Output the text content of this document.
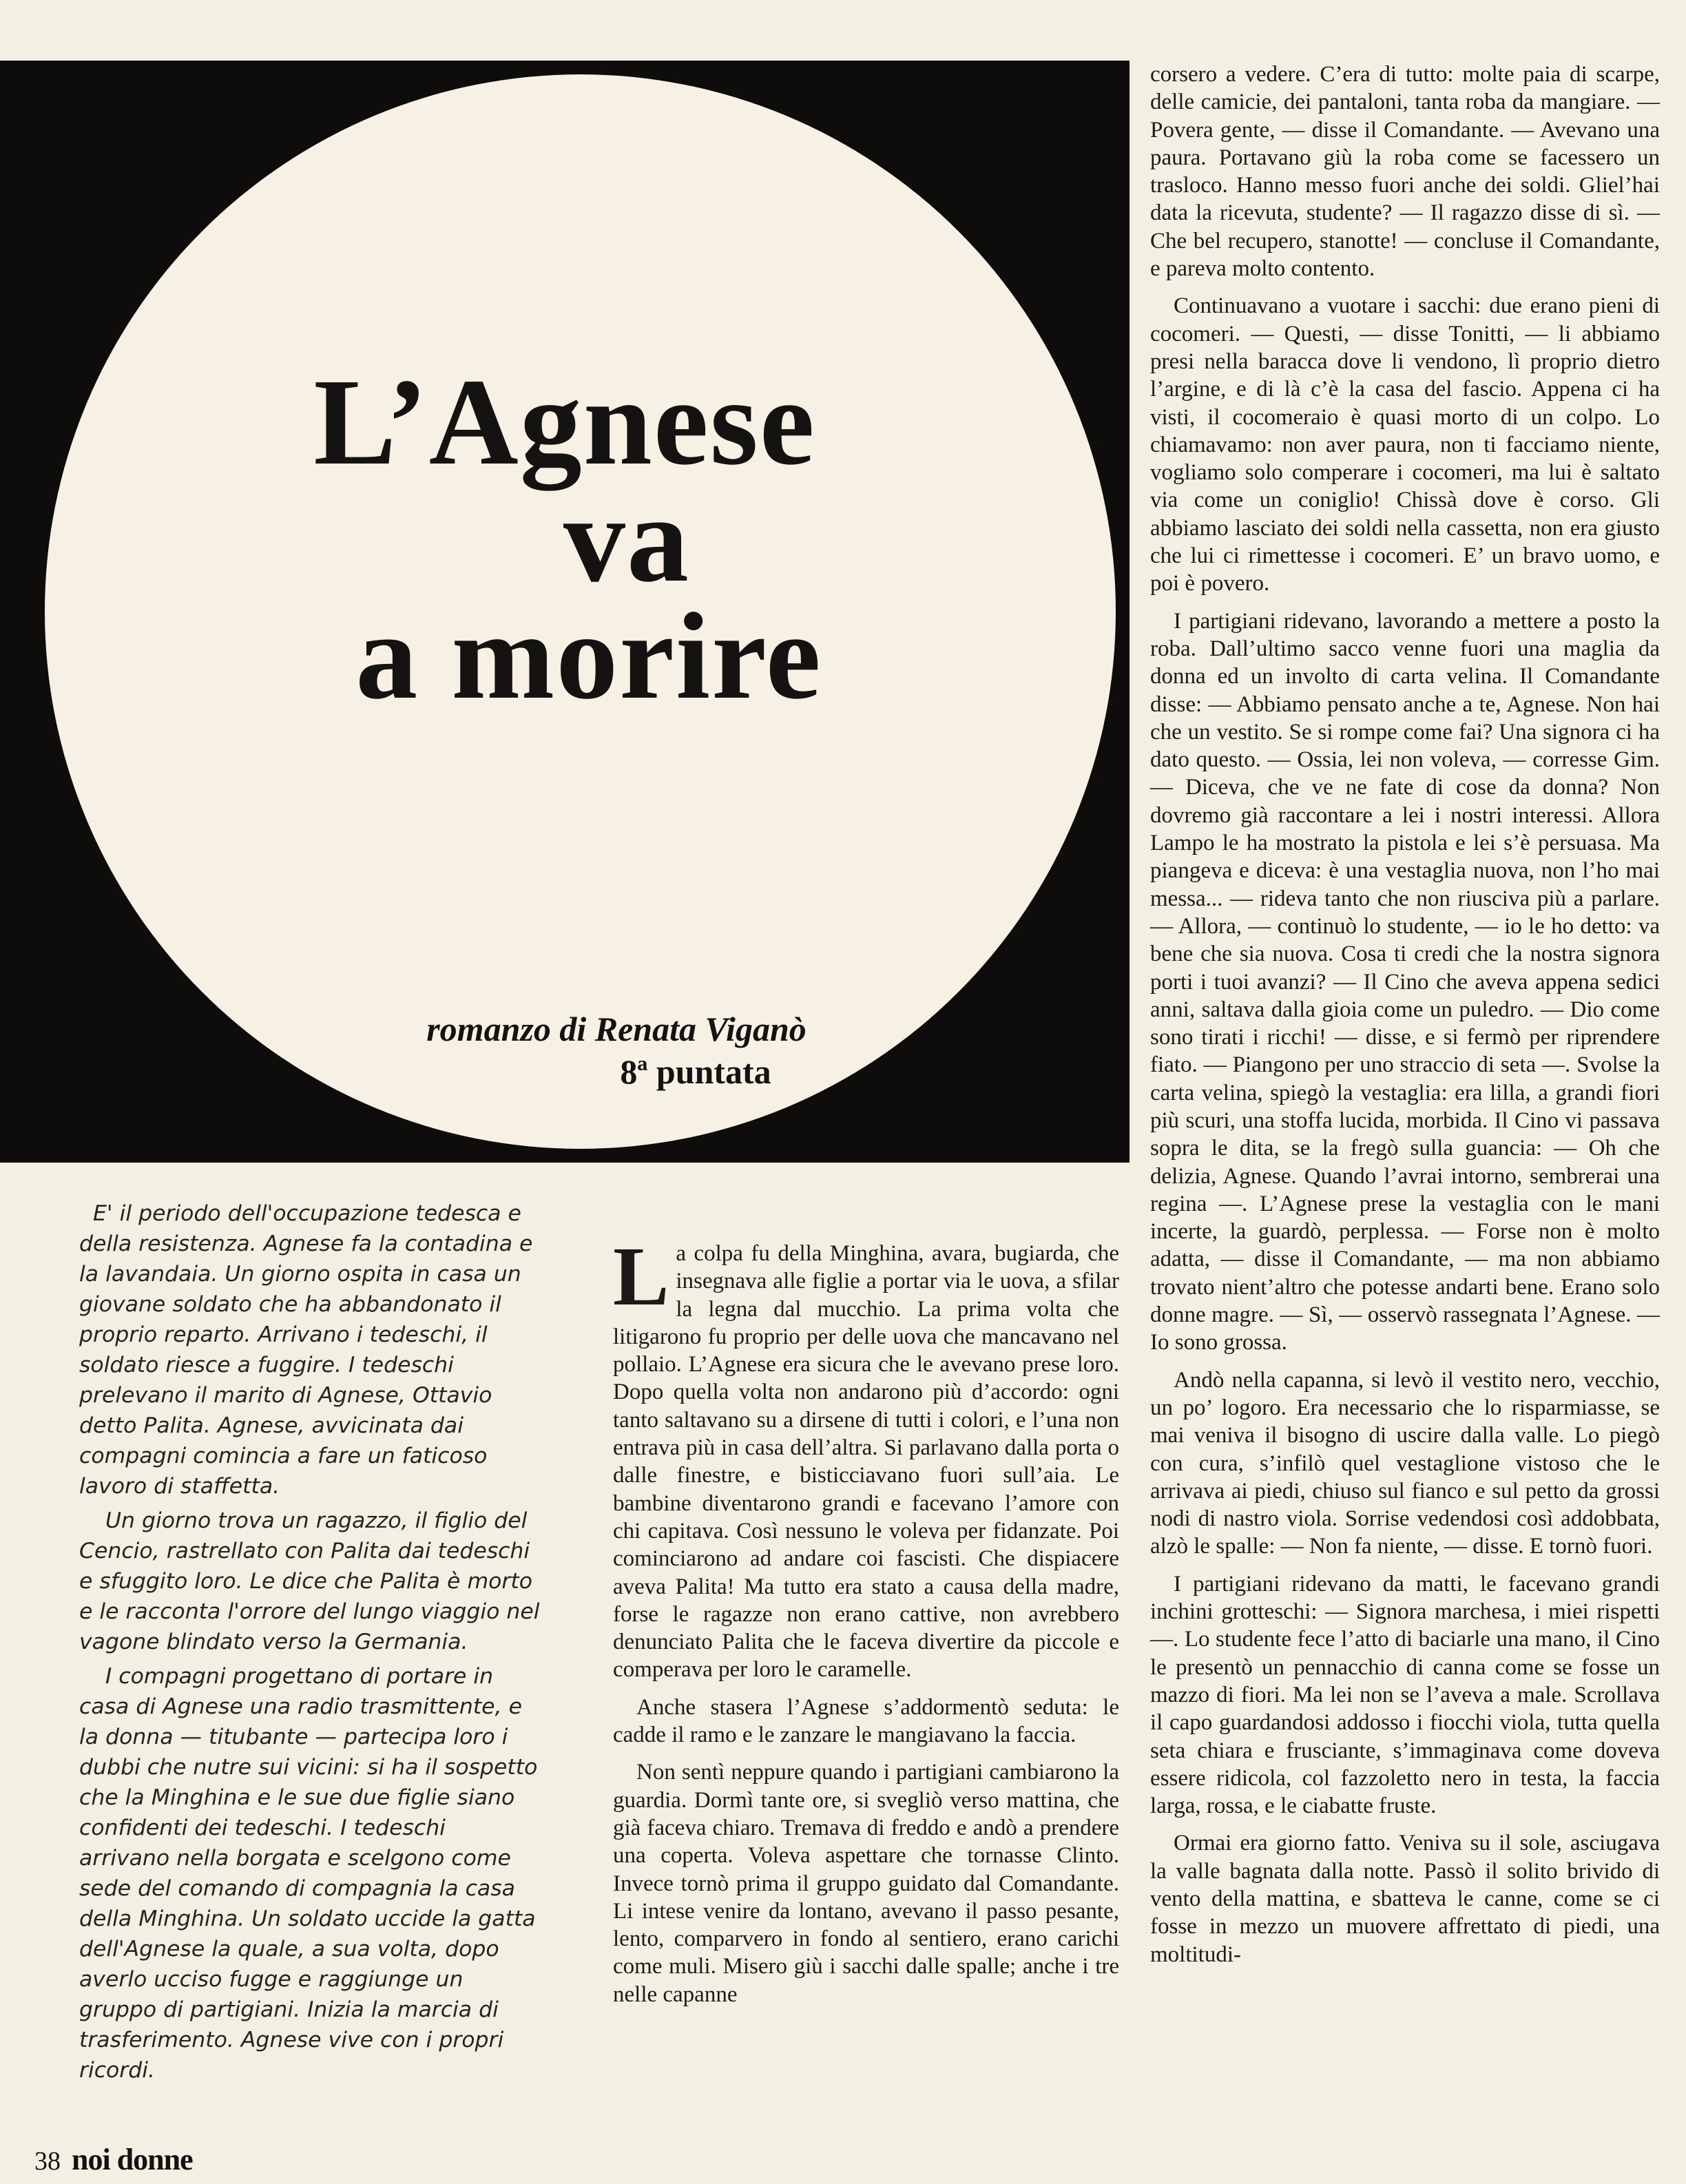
L’Agnese
va
a morire
romanzo di Renata Viganò
8ª puntata

E' il periodo dell'occupazione tedesca e della resistenza. Agnese fa la contadina e la lavandaia. Un giorno ospita in casa un giovane soldato che ha abbandonato il proprio reparto. Arrivano i tedeschi, il soldato riesce a fuggire. I tedeschi prelevano il marito di Agnese, Ottavio detto Palita. Agnese, avvicinata dai compagni comincia a fare un faticoso lavoro di staffetta.

Un giorno trova un ragazzo, il figlio del Cencio, rastrellato con Palita dai tedeschi e sfuggito loro. Le dice che Palita è morto e le racconta l'orrore del lungo viaggio nel vagone blindato verso la Germania.

I compagni progettano di portare in casa di Agnese una radio trasmittente, e la donna — titubante — partecipa loro i dubbi che nutre sui vicini: si ha il sospetto che la Minghina e le sue due figlie siano confidenti dei tedeschi. I tedeschi arrivano nella borgata e scelgono come sede del comando di compagnia la casa della Minghina. Un soldato uccide la gatta dell'Agnese la quale, a sua volta, dopo averlo ucciso fugge e raggiunge un gruppo di partigiani. Inizia la marcia di trasferimento. Agnese vive con i propri ricordi.

La colpa fu della Minghina, avara, bugiarda, che insegnava alle figlie a portar via le uova, a sfilar la legna dal mucchio. La prima volta che litigarono fu proprio per delle uova che mancavano nel pollaio. L’Agnese era sicura che le avevano prese loro. Dopo quella volta non andarono più d’accordo: ogni tanto saltavano su a dirsene di tutti i colori, e l’una non entrava più in casa dell’altra. Si parlavano dalla porta o dalle finestre, e bisticciavano fuori sull’aia. Le bambine diventarono grandi e facevano l’amore con chi capitava. Così nessuno le voleva per fidanzate. Poi cominciarono ad andare coi fascisti. Che dispiacere aveva Palita! Ma tutto era stato a causa della madre, forse le ragazze non erano cattive, non avrebbero denunciato Palita che le faceva divertire da piccole e comperava per loro le caramelle.

Anche stasera l’Agnese s’addormentò seduta: le cadde il ramo e le zanzare le mangiavano la faccia.

Non sentì neppure quando i partigiani cambiarono la guardia. Dormì tante ore, si svegliò verso mattina, che già faceva chiaro. Tremava di freddo e andò a prendere una coperta. Voleva aspettare che tornasse Clinto. Invece tornò prima il gruppo guidato dal Comandante. Li intese venire da lontano, avevano il passo pesante, lento, comparvero in fondo al sentiero, erano carichi come muli. Misero giù i sacchi dalle spalle; anche i tre nelle capanne

corsero a vedere. C’era di tutto: molte paia di scarpe, delle camicie, dei pantaloni, tanta roba da mangiare. — Povera gente, — disse il Comandante. — Avevano una paura. Portavano giù la roba come se facessero un trasloco. Hanno messo fuori anche dei soldi. Gliel’hai data la ricevuta, studente? — Il ragazzo disse di sì. — Che bel recupero, stanotte! — concluse il Comandante, e pareva molto contento.

Continuavano a vuotare i sacchi: due erano pieni di cocomeri. — Questi, — disse Tonitti, — li abbiamo presi nella baracca dove li vendono, lì proprio dietro l’argine, e di là c’è la casa del fascio. Appena ci ha visti, il cocomeraio è quasi morto di un colpo. Lo chiamavamo: non aver paura, non ti facciamo niente, vogliamo solo comperare i cocomeri, ma lui è saltato via come un coniglio! Chissà dove è corso. Gli abbiamo lasciato dei soldi nella cassetta, non era giusto che lui ci rimettesse i cocomeri. E’ un bravo uomo, e poi è povero.

I partigiani ridevano, lavorando a mettere a posto la roba. Dall’ultimo sacco venne fuori una maglia da donna ed un involto di carta velina. Il Comandante disse: — Abbiamo pensato anche a te, Agnese. Non hai che un vestito. Se si rompe come fai? Una signora ci ha dato questo. — Ossia, lei non voleva, — corresse Gim. — Diceva, che ve ne fate di cose da donna? Non dovremo già raccontare a lei i nostri interessi. Allora Lampo le ha mostrato la pistola e lei s’è persuasa. Ma piangeva e diceva: è una vestaglia nuova, non l’ho mai messa... — rideva tanto che non riusciva più a parlare. — Allora, — continuò lo studente, — io le ho detto: va bene che sia nuova. Cosa ti credi che la nostra signora porti i tuoi avanzi? — Il Cino che aveva appena sedici anni, saltava dalla gioia come un puledro. — Dio come sono tirati i ricchi! — disse, e si fermò per riprendere fiato. — Piangono per uno straccio di seta —. Svolse la carta velina, spiegò la vestaglia: era lilla, a grandi fiori più scuri, una stoffa lucida, morbida. Il Cino vi passava sopra le dita, se la fregò sulla guancia: — Oh che delizia, Agnese. Quando l’avrai intorno, sembrerai una regina —. L’Agnese prese la vestaglia con le mani incerte, la guardò, perplessa. — Forse non è molto adatta, — disse il Comandante, — ma non abbiamo trovato nient’altro che potesse andarti bene. Erano solo donne magre. — Sì, — osservò rassegnata l’Agnese. — Io sono grossa.

Andò nella capanna, si levò il vestito nero, vecchio, un po’ logoro. Era necessario che lo risparmiasse, se mai veniva il bisogno di uscire dalla valle. Lo piegò con cura, s’infilò quel vestaglione vistoso che le arrivava ai piedi, chiuso sul fianco e sul petto da grossi nodi di nastro viola. Sorrise vedendosi così addobbata, alzò le spalle: — Non fa niente, — disse. E tornò fuori.

I partigiani ridevano da matti, le facevano grandi inchini grotteschi: — Signora marchesa, i miei rispetti —. Lo studente fece l’atto di baciarle una mano, il Cino le presentò un pennacchio di canna come se fosse un mazzo di fiori. Ma lei non se l’aveva a male. Scrollava il capo guardandosi addosso i fiocchi viola, tutta quella seta chiara e frusciante, s’immaginava come doveva essere ridicola, col fazzoletto nero in testa, la faccia larga, rossa, e le ciabatte fruste.

Ormai era giorno fatto. Veniva su il sole, asciugava la valle bagnata dalla notte. Passò il solito brivido di vento della mattina, e sbatteva le canne, come se ci fosse in mezzo un muovere affrettato di piedi, una moltitudi-

38 noi donne
